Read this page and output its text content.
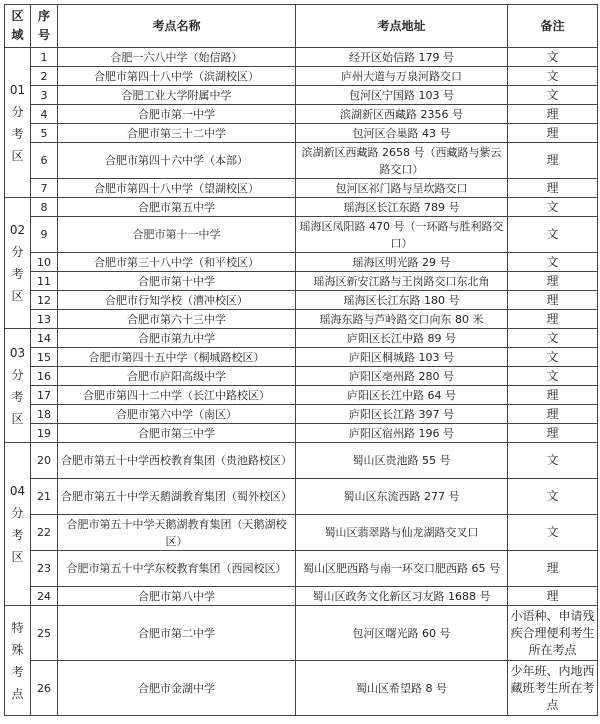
区
域	序
号	考点名称	考点地址	备注

01
分
考
区	1	合肥一六八中学（始信路）	经开区始信路 179 号	文
	2	合肥市第四十八中学（滨湖校区）	庐州大道与万泉河路交口	文
	3	合肥工业大学附属中学	包河区宁国路 103 号	文
	4	合肥市第一中学	滨湖新区西藏路 2356 号	理
	5	合肥市第三十二中学	包河区合巢路 43 号	理
	6	合肥市第四十六中学（本部）	滨湖新区西藏路 2658 号（西藏路与紫云路交口）	理
	7	合肥市第四十八中学（望湖校区）	包河区祁门路与呈坎路交口	理

02
分
考
区	8	合肥市第五中学	瑶海区长江东路 789 号	文
	9	合肥市第十一中学	瑶海区凤阳路 470 号（一环路与胜利路交口）	文
	10	合肥市第三十八中学（和平校区）	瑶海区明光路 29 号	文
	11	合肥市第十中学	瑶海区新安江路与王岗路交口东北角	理
	12	合肥市行知学校（漕冲校区）	瑶海区长江东路 180 号	理
	13	合肥市第六十三中学	瑶海东路与芦岭路交口向东 80 米	理

03
分
考
区	14	合肥市第九中学	庐阳区长江中路 89 号	文
	15	合肥市第四十五中学（桐城路校区）	庐阳区桐城路 103 号	文
	16	合肥市庐阳高级中学	庐阳区亳州路 280 号	文
	17	合肥市第四十二中学（长江中路校区）	庐阳区长江中路 64 号	理
	18	合肥市第六中学（南区）	庐阳区长江路 397 号	理
	19	合肥市第三中学	庐阳区宿州路 196 号	理

04
分
考
区	20	合肥市第五十中学西校教育集团（贵池路校区）	蜀山区贵池路 55 号	文
	21	合肥市第五十中学天鹅湖教育集团（蜀外校区）	蜀山区东流西路 277 号	文
	22	合肥市第五十中学天鹅湖教育集团（天鹅湖校区）	蜀山区翡翠路与仙龙湖路交叉口	文
	23	合肥市第五十中学东校教育集团（西园校区）	蜀山区肥西路与南一环交口肥西路 65 号	理
	24	合肥市第八中学	蜀山区政务文化新区习友路 1688 号	理

特
殊
考
点	25	合肥市第二中学	包河区曙光路 60 号	小语种、申请残疾合理便利考生所在考点
	26	合肥市金湖中学	蜀山区希望路 8 号	少年班、内地西藏班考生所在考点
